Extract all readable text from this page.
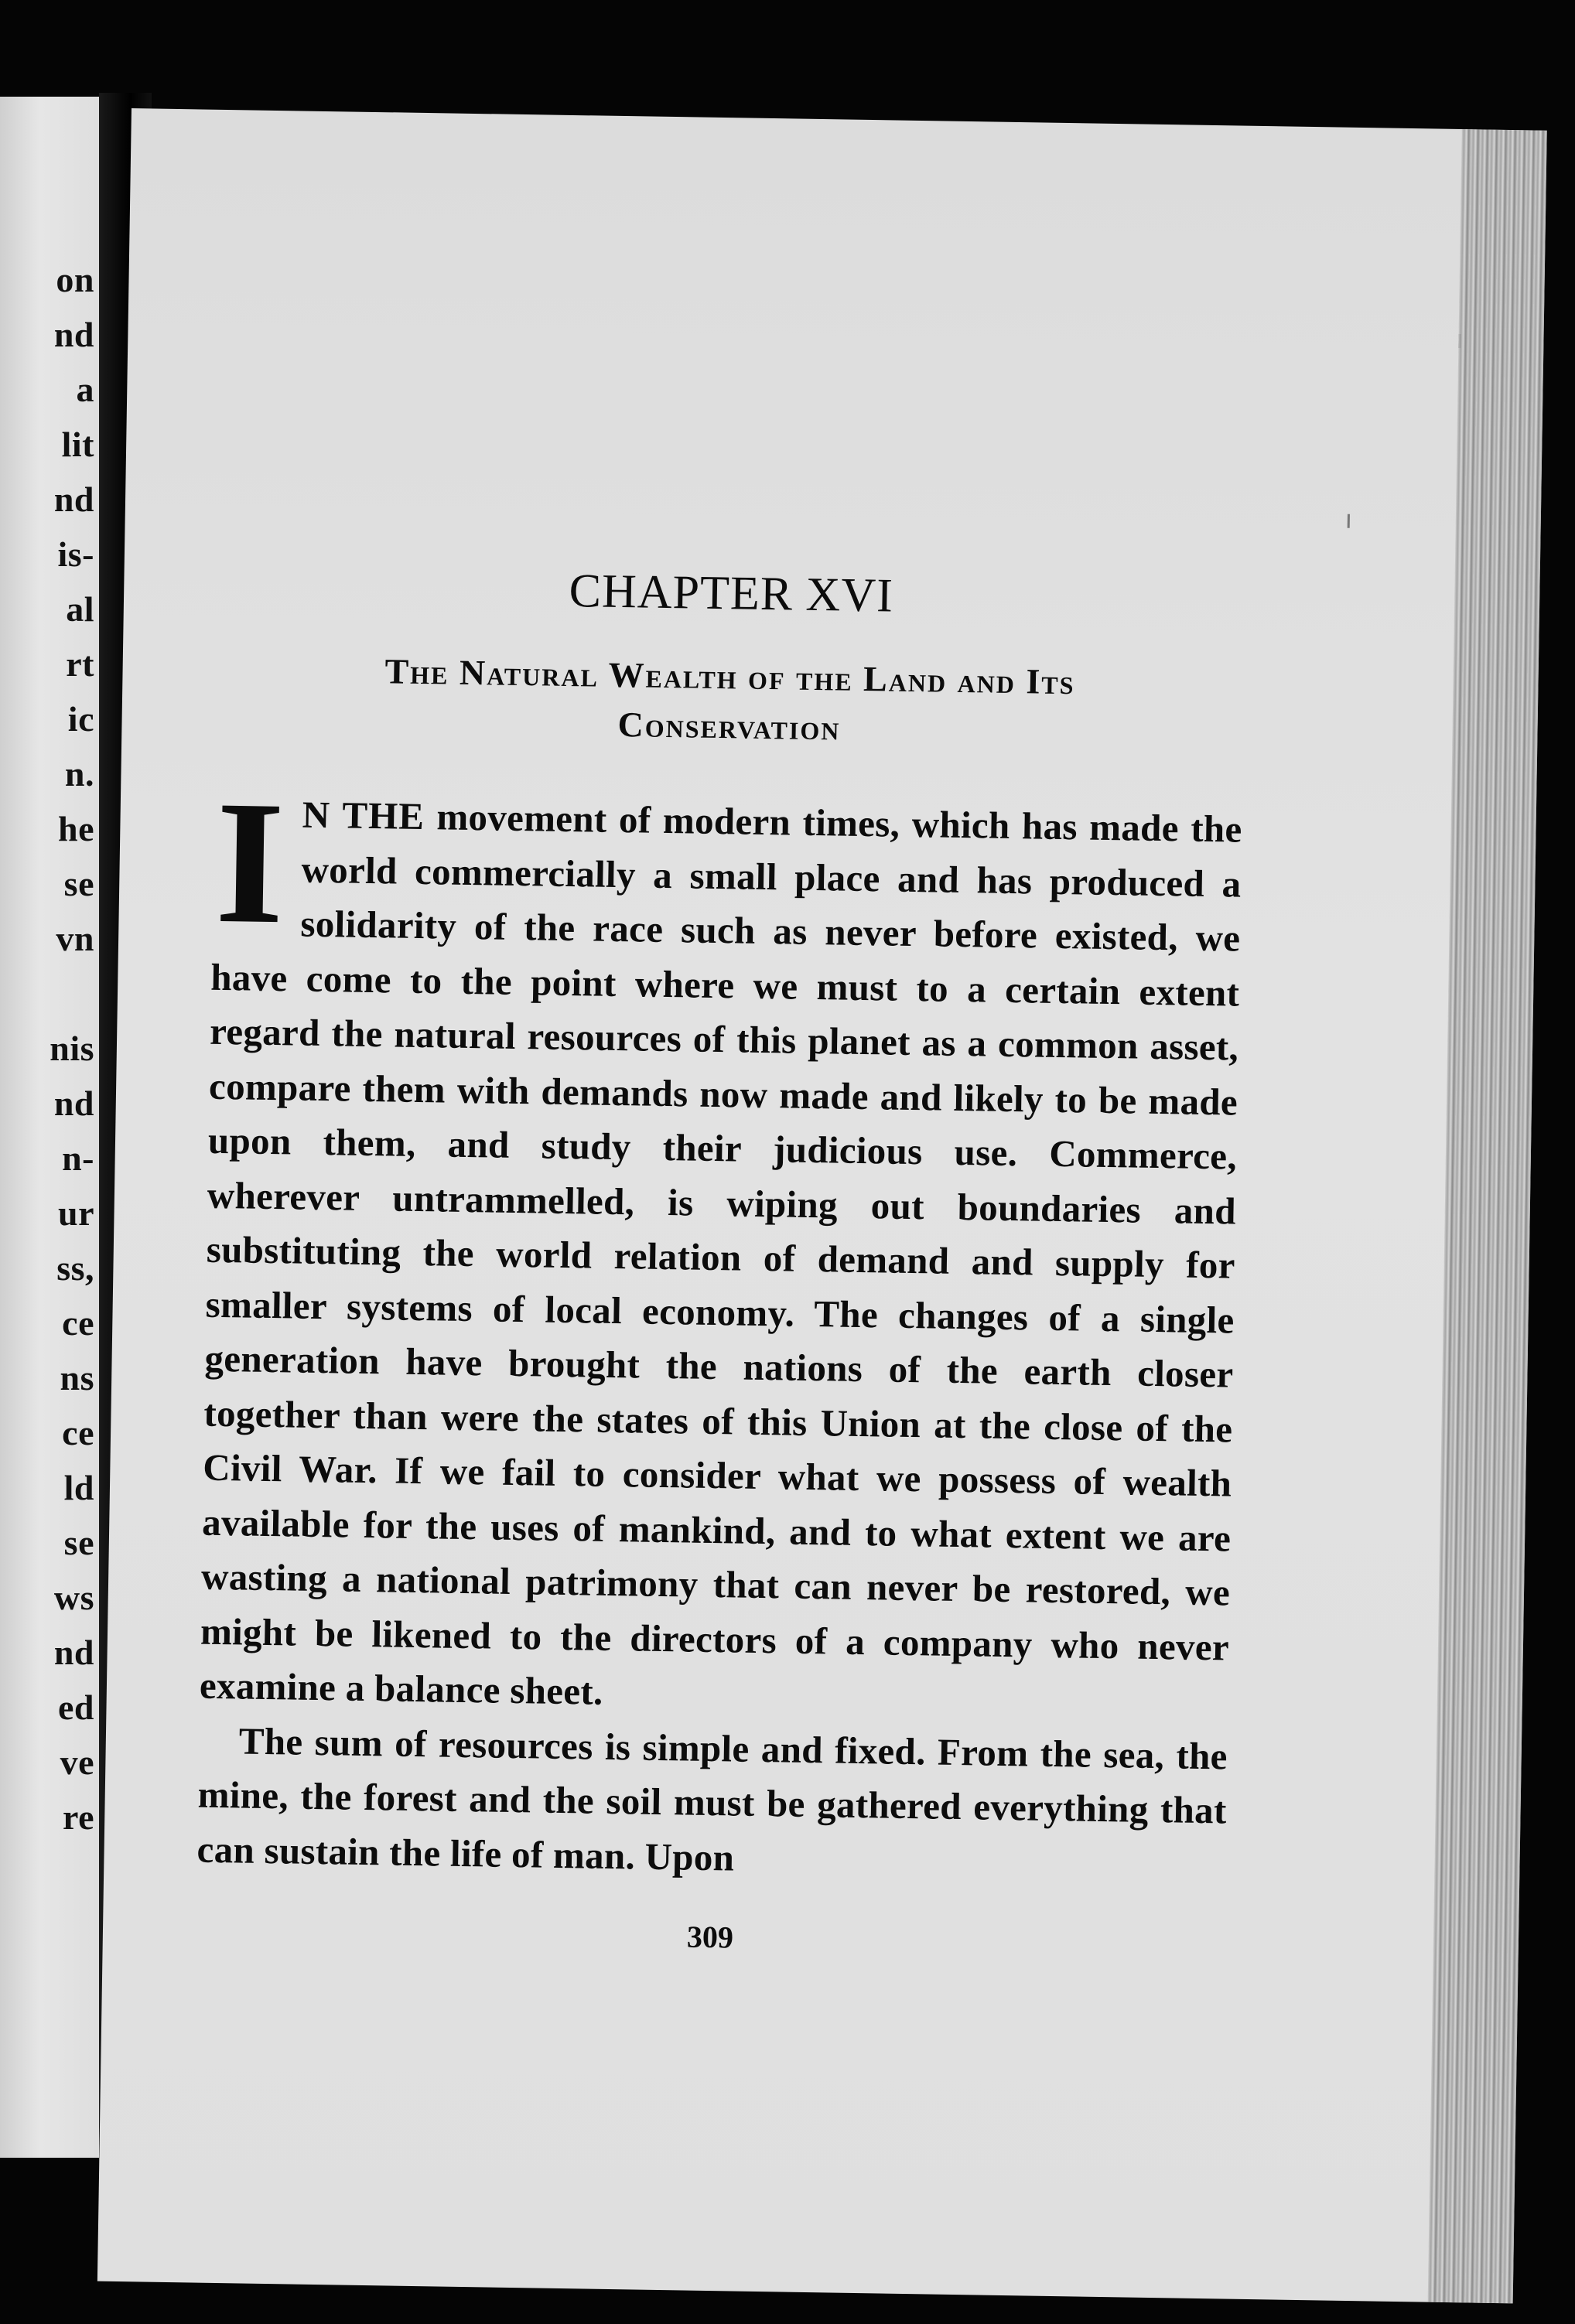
on
nd
a
lit
nd
is-
al
rt
ic
n.
he
se
vn
nis
nd
n-
ur
ss,
ce
ns
ce
ld
se
ws
nd
ed
ve
re
CHAPTER XVI
The Natural Wealth of the Land and Its
Conservation

I N THE movement of modern times, which has made the world commercially a small place and has produced a solidarity of the race such as never before existed, we have come to the point where we must to a certain extent regard the natural resources of this planet as a common asset, compare them with demands now made and likely to be made upon them, and study their judicious use. Commerce, wherever untrammelled, is wiping out boundaries and substituting the world relation of demand and supply for smaller systems of local economy. The changes of a single generation have brought the nations of the earth closer together than were the states of this Union at the close of the Civil War. If we fail to consider what we possess of wealth available for the uses of mankind, and to what extent we are wasting a national patrimony that can never be restored, we might be likened to the directors of a company who never examine a balance sheet.

The sum of resources is simple and fixed. From the sea, the mine, the forest and the soil must be gathered everything that can sustain the life of man. Upon

309
